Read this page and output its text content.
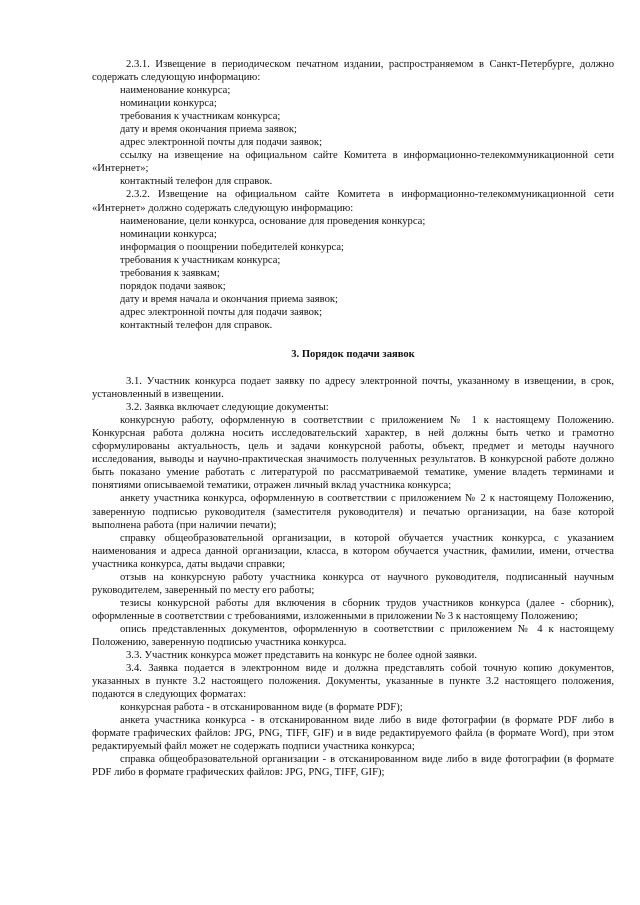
2.3.1. Извещение в периодическом печатном издании, распространяемом в Санкт-Петербурге, должно содержать следующую информацию:

наименование конкурса;

номинации конкурса;

требования к участникам конкурса;

дату и время окончания приема заявок;

адрес электронной почты для подачи заявок;

ссылку на извещение на официальном сайте Комитета в информационно-телекоммуникационной сети «Интернет»;

контактный телефон для справок.

2.3.2. Извещение на официальном сайте Комитета в информационно-телекоммуникационной сети «Интернет» должно содержать следующую информацию:

наименование, цели конкурса, основание для проведения конкурса;

номинации конкурса;

информация о поощрении победителей конкурса;

требования к участникам конкурса;

требования к заявкам;

порядок подачи заявок;

дату и время начала и окончания приема заявок;

адрес электронной почты для подачи заявок;

контактный телефон для справок.

3. Порядок подачи заявок

3.1. Участник конкурса подает заявку по адресу электронной почты, указанному в извещении, в срок, установленный в извещении.

3.2. Заявка включает следующие документы:

конкурсную работу, оформленную в соответствии с приложением № 1 к настоящему Положению. Конкурсная работа должна носить исследовательский характер, в ней должны быть четко и грамотно сформулированы актуальность, цель и задачи конкурсной работы, объект, предмет и методы научного исследования, выводы и научно-практическая значимость полученных результатов. В конкурсной работе должно быть показано умение работать с литературой по рассматриваемой тематике, умение владеть терминами и понятиями описываемой тематики, отражен личный вклад участника конкурса;

анкету участника конкурса, оформленную в соответствии с приложением № 2 к настоящему Положению, заверенную подписью руководителя (заместителя руководителя) и печатью организации, на базе которой выполнена работа (при наличии печати);

справку общеобразовательной организации, в которой обучается участник конкурса, с указанием наименования и адреса данной организации, класса, в котором обучается участник, фамилии, имени, отчества участника конкурса, даты выдачи справки;

отзыв на конкурсную работу участника конкурса от научного руководителя, подписанный научным руководителем, заверенный по месту его работы;

тезисы конкурсной работы для включения в сборник трудов участников конкурса (далее - сборник), оформленные в соответствии с требованиями, изложенными в приложении № 3 к настоящему Положению;

опись представленных документов, оформленную в соответствии с приложением № 4 к настоящему Положению, заверенную подписью участника конкурса.

3.3. Участник конкурса может представить на конкурс не более одной заявки.

3.4. Заявка подается в электронном виде и должна представлять собой точную копию документов, указанных в пункте 3.2 настоящего положения. Документы, указанные в пункте 3.2 настоящего положения, подаются в следующих форматах:

конкурсная работа - в отсканированном виде (в формате PDF);

анкета участника конкурса - в отсканированном виде либо в виде фотографии (в формате PDF либо в формате графических файлов: JPG, PNG, TIFF, GIF) и в виде редактируемого файла (в формате Word), при этом редактируемый файл может не содержать подписи участника конкурса;

справка общеобразовательной организации - в отсканированном виде либо в виде фотографии (в формате PDF либо в формате графических файлов: JPG, PNG, TIFF, GIF);
